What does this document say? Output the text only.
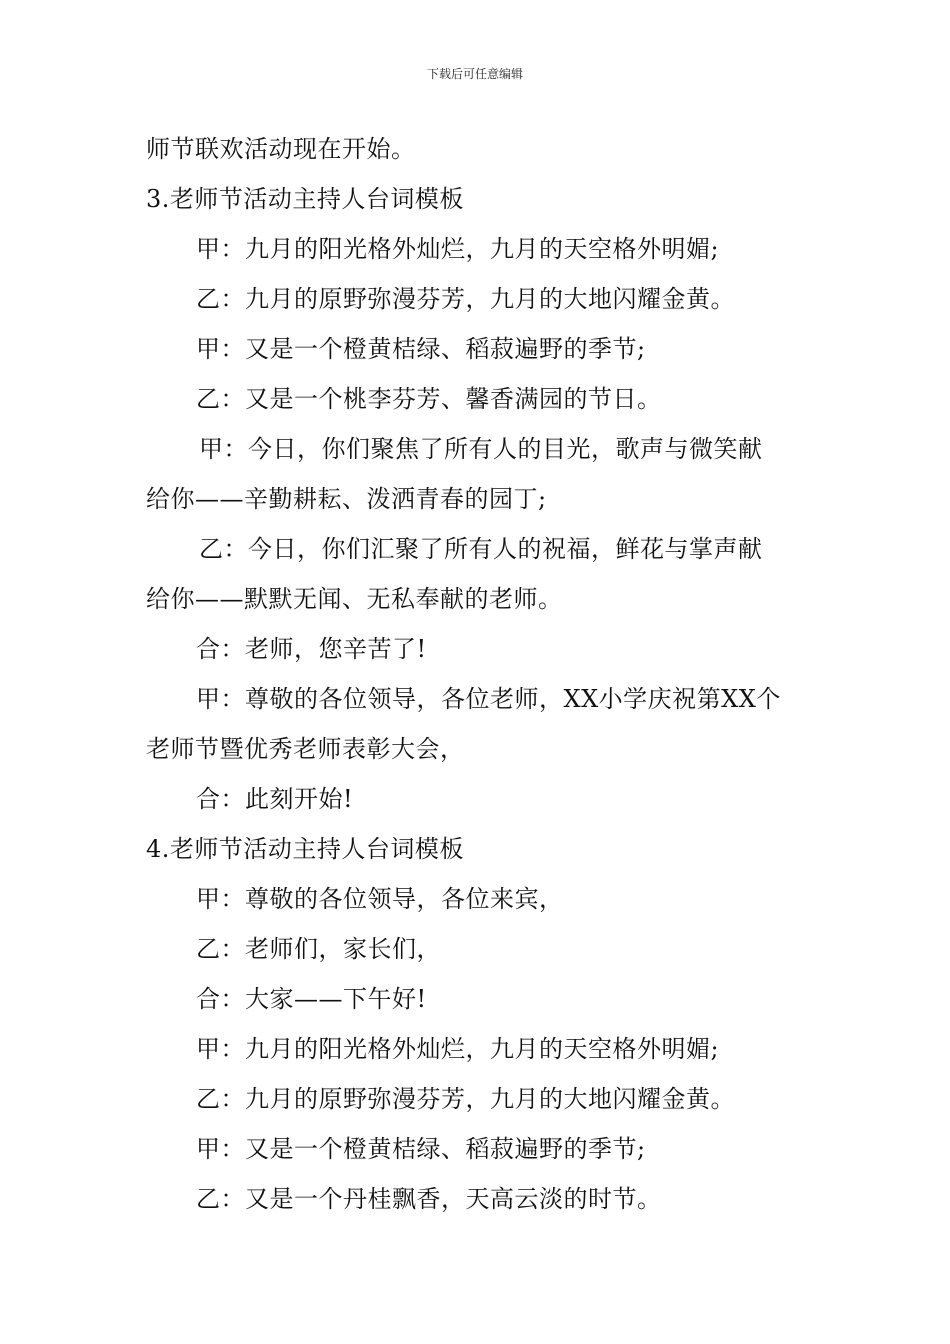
下载后可任意编辑
师节联欢活动现在开始。
3.老师节活动主持人台词模板
甲：九月的阳光格外灿烂，九月的天空格外明媚;
乙：九月的原野弥漫芬芳，九月的大地闪耀金黄。
甲：又是一个橙黄桔绿、稻菽遍野的季节;
乙：又是一个桃李芬芳、馨香满园的节日。
甲：今日，你们聚焦了所有人的目光，歌声与微笑献
给你——辛勤耕耘、泼洒青春的园丁;
乙：今日，你们汇聚了所有人的祝福，鲜花与掌声献
给你——默默无闻、无私奉献的老师。
合：老师，您辛苦了!
甲：尊敬的各位领导，各位老师，XX小学庆祝第XX个
老师节暨优秀老师表彰大会，
合：此刻开始!
4.老师节活动主持人台词模板
甲：尊敬的各位领导，各位来宾，
乙：老师们，家长们，
合：大家——下午好!
甲：九月的阳光格外灿烂，九月的天空格外明媚;
乙：九月的原野弥漫芬芳，九月的大地闪耀金黄。
甲：又是一个橙黄桔绿、稻菽遍野的季节;
乙：又是一个丹桂飘香，天高云淡的时节。
